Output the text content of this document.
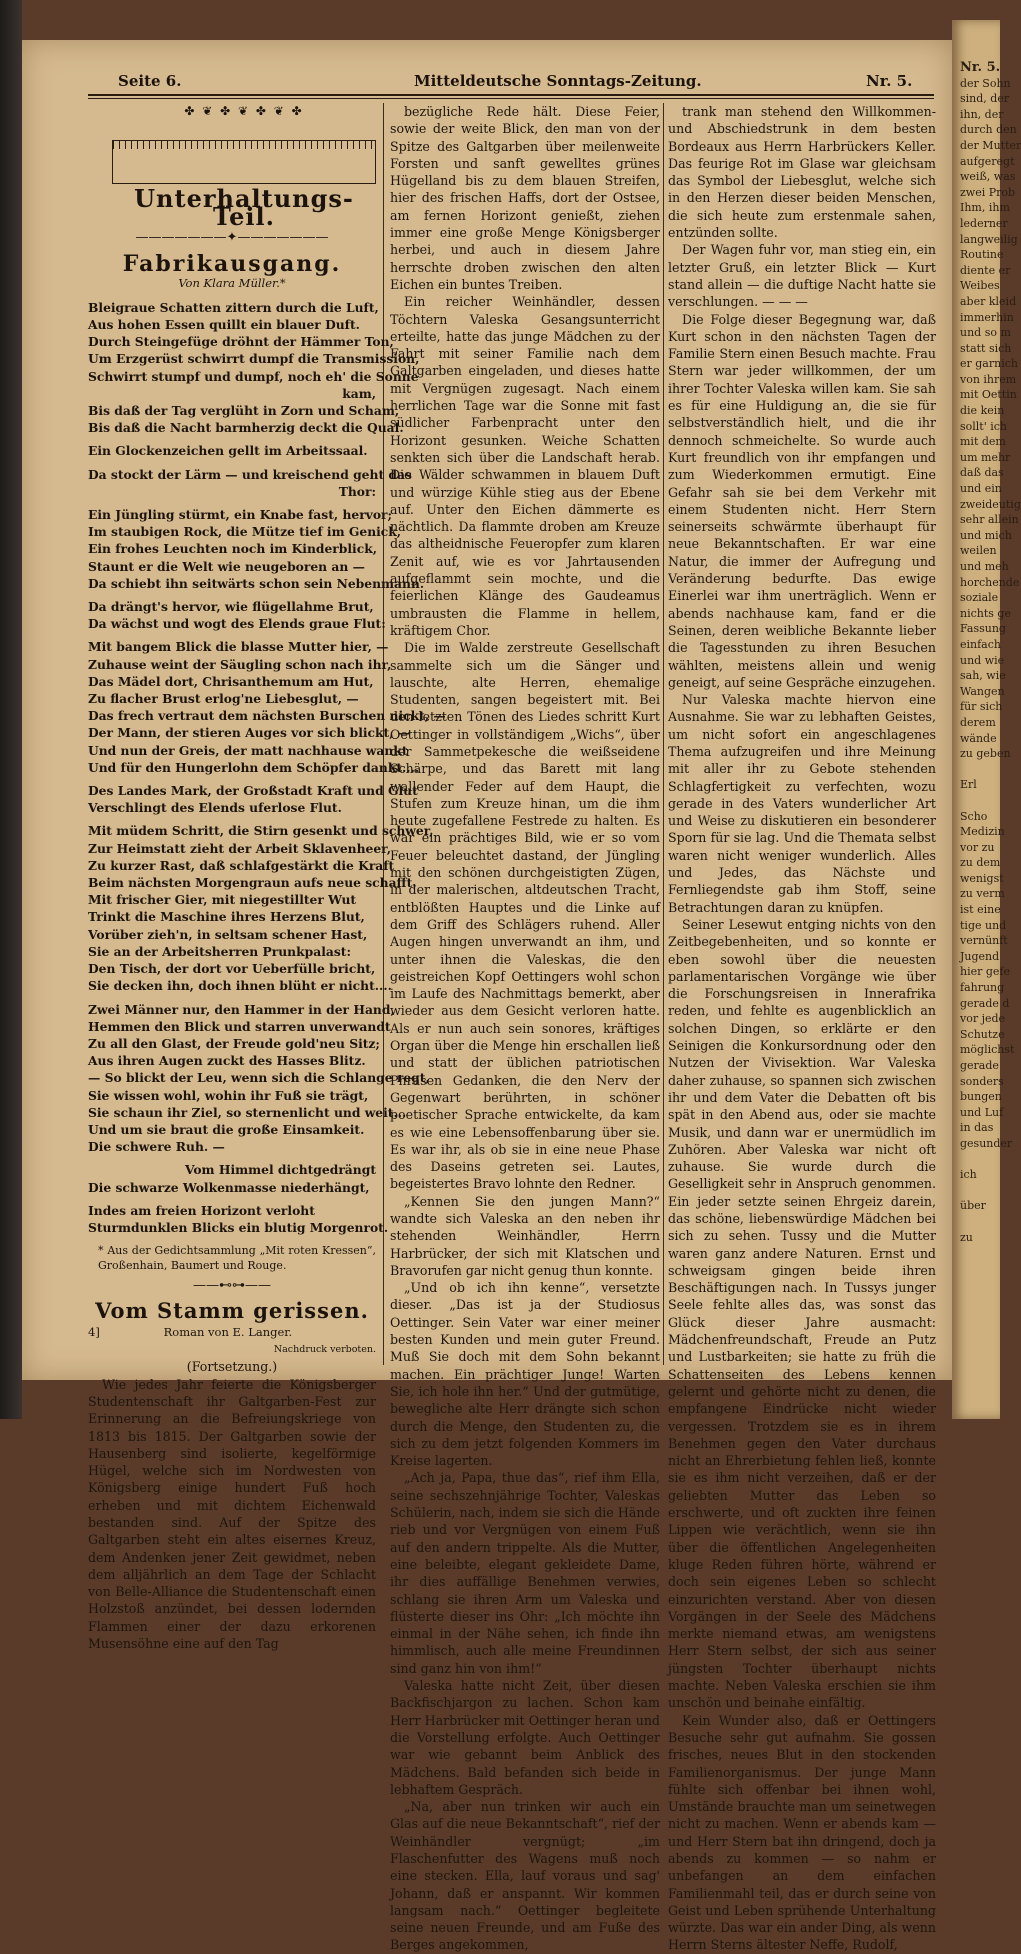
Seite 6.	Mitteldeutsche Sonntags-Zeitung.	Nr. 5.
✤ ❦ ✤ ❦ ✤ ❦ ✤
Unterhaltungs-Teil.
———————✦———————
Fabrikausgang.
Von Klara Müller.*
Bleigraue Schatten zittern durch die Luft,
Aus hohen Essen quillt ein blauer Duft.
Durch Steingefüge dröhnt der Hämmer Ton,
Um Erzgerüst schwirrt dumpf die Transmission,
Schwirrt stumpf und dumpf, noch eh' die Sonne
kam,
Bis daß der Tag verglüht in Zorn und Scham,
Bis daß die Nacht barmherzig deckt die Qual.
Ein Glockenzeichen gellt im Arbeitssaal.
Da stockt der Lärm — und kreischend geht das
Thor:
Ein Jüngling stürmt, ein Knabe fast, hervor;
Im staubigen Rock, die Mütze tief im Genick,
Ein frohes Leuchten noch im Kinderblick,
Staunt er die Welt wie neugeboren an —
Da schiebt ihn seitwärts schon sein Nebenmann.
Da drängt's hervor, wie flügellahme Brut,
Da wächst und wogt des Elends graue Flut:
Mit bangem Blick die blasse Mutter hier, —
Zuhause weint der Säugling schon nach ihr,
Das Mädel dort, Chrisanthemum am Hut,
Zu flacher Brust erlog'ne Liebesglut, —
Das frech vertraut dem nächsten Burschen nickt, —
Der Mann, der stieren Auges vor sich blickt, —
Und nun der Greis, der matt nachhause wankt
Und für den Hungerlohn dem Schöpfer dankt....
Des Landes Mark, der Großstadt Kraft und Glut
Verschlingt des Elends uferlose Flut.
Mit müdem Schritt, die Stirn gesenkt und schwer,
Zur Heimstatt zieht der Arbeit Sklavenheer,
Zu kurzer Rast, daß schlafgestärkt die Kraft
Beim nächsten Morgengraun aufs neue schafft.
Mit frischer Gier, mit niegestillter Wut
Trinkt die Maschine ihres Herzens Blut,
Vorüber zieh'n, in seltsam schener Hast,
Sie an der Arbeitsherren Prunkpalast:
Den Tisch, der dort vor Ueberfülle bricht,
Sie decken ihn, doch ihnen blüht er nicht....
Zwei Männer nur, den Hammer in der Hand,
Hemmen den Blick und starren unverwandt
Zu all den Glast, der Freude gold'neu Sitz;
Aus ihren Augen zuckt des Hasses Blitz.
— So blickt der Leu, wenn sich die Schlange regt,
Sie wissen wohl, wohin ihr Fuß sie trägt,
Sie schaun ihr Ziel, so sternenlicht und weit...
Und um sie braut die große Einsamkeit.
Die schwere Ruh. —
Vom Himmel dichtgedrängt
Die schwarze Wolkenmasse niederhängt,
Indes am freien Horizont verloht
Sturmdunklen Blicks ein blutig Morgenrot.
* Aus der Gedichtsammlung „Mit roten Kressen“, Großenhain, Baumert und Rouge.
——⊷⊶——
Vom Stamm gerissen.
4]	Roman von E. Langer.
Nachdruck verboten.
(Fortsetzung.)

Wie jedes Jahr feierte die Königsberger Studentenschaft ihr Galtgarben-Fest zur Erinnerung an die Befreiungskriege von 1813 bis 1815. Der Galtgarben sowie der Hausenberg sind isolierte, kegelförmige Hügel, welche sich im Nordwesten von Königsberg einige hundert Fuß hoch erheben und mit dichtem Eichenwald bestanden sind. Auf der Spitze des Galtgarben steht ein altes eisernes Kreuz, dem Andenken jener Zeit gewidmet, neben dem alljährlich an dem Tage der Schlacht von Belle-Alliance die Studentenschaft einen Holzstoß anzündet, bei dessen lodernden Flammen einer der dazu erkorenen Musensöhne eine auf den Tag

bezügliche Rede hält. Diese Feier, sowie der weite Blick, den man von der Spitze des Galtgarben über meilenweite Forsten und sanft gewelltes grünes Hügelland bis zu dem blauen Streifen, hier des frischen Haffs, dort der Ostsee, am fernen Horizont genießt, ziehen immer eine große Menge Königsberger herbei, und auch in diesem Jahre herrschte droben zwischen den alten Eichen ein buntes Treiben.

Ein reicher Weinhändler, dessen Töchtern Valeska Gesangsunterricht erteilte, hatte das junge Mädchen zu der Fahrt mit seiner Familie nach dem Galtgarben eingeladen, und dieses hatte mit Vergnügen zugesagt. Nach einem herrlichen Tage war die Sonne mit fast südlicher Farbenpracht unter den Horizont gesunken. Weiche Schatten senkten sich über die Landschaft herab. Die Wälder schwammen in blauem Duft und würzige Kühle stieg aus der Ebene auf. Unter den Eichen dämmerte es nächtlich. Da flammte droben am Kreuze das altheidnische Feueropfer zum klaren Zenit auf, wie es vor Jahrtausenden aufgeflammt sein mochte, und die feierlichen Klänge des Gaudeamus umbrausten die Flamme in hellem, kräftigem Chor.

Die im Walde zerstreute Gesellschaft sammelte sich um die Sänger und lauschte, alte Herren, ehemalige Studenten, sangen begeistert mit. Bei den letzten Tönen des Liedes schritt Kurt Oettinger in vollständigem „Wichs“, über der Sammetpekesche die weißseidene Schärpe, und das Barett mit lang wallender Feder auf dem Haupt, die Stufen zum Kreuze hinan, um die ihm heute zugefallene Festrede zu halten. Es war ein prächtiges Bild, wie er so vom Feuer beleuchtet dastand, der Jüngling mit den schönen durchgeistigten Zügen, in der malerischen, altdeutschen Tracht, entblößten Hauptes und die Linke auf dem Griff des Schlägers ruhend. Aller Augen hingen unverwandt an ihm, und unter ihnen die Valeskas, die den geistreichen Kopf Oettingers wohl schon im Laufe des Nachmittags bemerkt, aber wieder aus dem Gesicht verloren hatte. Als er nun auch sein sonores, kräftiges Organ über die Menge hin erschallen ließ und statt der üblichen patriotischen Phrasen Gedanken, die den Nerv der Gegenwart berührten, in schöner poetischer Sprache entwickelte, da kam es wie eine Lebensoffenbarung über sie. Es war ihr, als ob sie in eine neue Phase des Daseins getreten sei. Lautes, begeistertes Bravo lohnte den Redner.

„Kennen Sie den jungen Mann?“ wandte sich Valeska an den neben ihr stehenden Weinhändler, Herrn Harbrücker, der sich mit Klatschen und Bravorufen gar nicht genug thun konnte.

„Und ob ich ihn kenne“, versetzte dieser. „Das ist ja der Studiosus Oettinger. Sein Vater war einer meiner besten Kunden und mein guter Freund. Muß Sie doch mit dem Sohn bekannt machen. Ein prächtiger Junge! Warten Sie, ich hole ihn her.“ Und der gutmütige, bewegliche alte Herr drängte sich schon durch die Menge, den Studenten zu, die sich zu dem jetzt folgenden Kommers im Kreise lagerten.

„Ach ja, Papa, thue das“, rief ihm Ella, seine sechszehnjährige Tochter, Valeskas Schülerin, nach, indem sie sich die Hände rieb und vor Vergnügen von einem Fuß auf den andern trippelte. Als die Mutter, eine beleibte, elegant gekleidete Dame, ihr dies auffällige Benehmen verwies, schlang sie ihren Arm um Valeska und flüsterte dieser ins Ohr: „Ich möchte ihn einmal in der Nähe sehen, ich finde ihn himmlisch, auch alle meine Freundinnen sind ganz hin von ihm!“

Valeska hatte nicht Zeit, über diesen Backfischjargon zu lachen. Schon kam Herr Harbrücker mit Oettinger heran und die Vorstellung erfolgte. Auch Oettinger war wie gebannt beim Anblick des Mädchens. Bald befanden sich beide in lebhaftem Gespräch.

„Na, aber nun trinken wir auch ein Glas auf die neue Bekanntschaft“, rief der Weinhändler vergnügt; „im Flaschenfutter des Wagens muß noch eine stecken. Ella, lauf voraus und sag' Johann, daß er anspannt. Wir kommen langsam nach.“ Oettinger begleitete seine neuen Freunde, und am Fuße des Berges angekommen,

trank man stehend den Willkommen- und Abschiedstrunk in dem besten Bordeaux aus Herrn Harbrückers Keller. Das feurige Rot im Glase war gleichsam das Symbol der Liebesglut, welche sich in den Herzen dieser beiden Menschen, die sich heute zum erstenmale sahen, entzünden sollte.

Der Wagen fuhr vor, man stieg ein, ein letzter Gruß, ein letzter Blick — Kurt stand allein — die duftige Nacht hatte sie verschlungen. — — —

Die Folge dieser Begegnung war, daß Kurt schon in den nächsten Tagen der Familie Stern einen Besuch machte. Frau Stern war jeder willkommen, der um ihrer Tochter Valeska willen kam. Sie sah es für eine Huldigung an, die sie für selbstverständlich hielt, und die ihr dennoch schmeichelte. So wurde auch Kurt freundlich von ihr empfangen und zum Wiederkommen ermutigt. Eine Gefahr sah sie bei dem Verkehr mit einem Studenten nicht. Herr Stern seinerseits schwärmte überhaupt für neue Bekanntschaften. Er war eine Natur, die immer der Aufregung und Veränderung bedurfte. Das ewige Einerlei war ihm unerträglich. Wenn er abends nachhause kam, fand er die Seinen, deren weibliche Bekannte lieber die Tagesstunden zu ihren Besuchen wählten, meistens allein und wenig geneigt, auf seine Gespräche einzugehen.

Nur Valeska machte hiervon eine Ausnahme. Sie war zu lebhaften Geistes, um nicht sofort ein angeschlagenes Thema aufzugreifen und ihre Meinung mit aller ihr zu Gebote stehenden Schlagfertigkeit zu verfechten, wozu gerade in des Vaters wunderlicher Art und Weise zu diskutieren ein besonderer Sporn für sie lag. Und die Themata selbst waren nicht weniger wunderlich. Alles und Jedes, das Nächste und Fernliegendste gab ihm Stoff, seine Betrachtungen daran zu knüpfen.

Seiner Lesewut entging nichts von den Zeitbegebenheiten, und so konnte er eben sowohl über die neuesten parlamentarischen Vorgänge wie über die Forschungsreisen in Innerafrika reden, und fehlte es augenblicklich an solchen Dingen, so erklärte er den Seinigen die Konkursordnung oder den Nutzen der Vivisektion. War Valeska daher zuhause, so spannen sich zwischen ihr und dem Vater die Debatten oft bis spät in den Abend aus, oder sie machte Musik, und dann war er unermüdlich im Zuhören. Aber Valeska war nicht oft zuhause. Sie wurde durch die Geselligkeit sehr in Anspruch genommen. Ein jeder setzte seinen Ehrgeiz darein, das schöne, liebenswürdige Mädchen bei sich zu sehen. Tussy und die Mutter waren ganz andere Naturen. Ernst und schweigsam gingen beide ihren Beschäftigungen nach. In Tussys junger Seele fehlte alles das, was sonst das Glück dieser Jahre ausmacht: Mädchenfreundschaft, Freude an Putz und Lustbarkeiten; sie hatte zu früh die Schattenseiten des Lebens kennen gelernt und gehörte nicht zu denen, die empfangene Eindrücke nicht wieder vergessen. Trotzdem sie es in ihrem Benehmen gegen den Vater durchaus nicht an Ehrerbietung fehlen ließ, konnte sie es ihm nicht verzeihen, daß er der geliebten Mutter das Leben so erschwerte, und oft zuckten ihre feinen Lippen wie verächtlich, wenn sie ihn über die öffentlichen Angelegenheiten kluge Reden führen hörte, während er doch sein eigenes Leben so schlecht einzurichten verstand. Aber von diesen Vorgängen in der Seele des Mädchens merkte niemand etwas, am wenigstens Herr Stern selbst, der sich aus seiner jüngsten Tochter überhaupt nichts machte. Neben Valeska erschien sie ihm unschön und beinahe einfältig.

Kein Wunder also, daß er Oettingers Besuche sehr gut aufnahm. Sie gossen frisches, neues Blut in den stockenden Familienorganismus. Der junge Mann fühlte sich offenbar bei ihnen wohl, Umstände brauchte man um seinetwegen nicht zu machen. Wenn er abends kam — und Herr Stern bat ihn dringend, doch ja abends zu kommen — so nahm er unbefangen an dem einfachen Familienmahl teil, das er durch seine von Geist und Leben sprühende Unterhaltung würzte. Das war ein ander Ding, als wenn Herrn Sterns ältester Neffe, Rudolf,

Nr. 5.
der Sohn
sind, der
ihn, der
durch den
der Mutter
aufgeregt
weiß, was
zwei Prob
Ihm, ihm
lederner
langweilig
Routine
diente er
Weibes
aber kleid
immerhin
und so m
statt sich
er garnich
von ihrem
mit Oettin
die kein
sollt' ich
mit dem
um mehr
daß das
und ein
zweideutig
sehr allein
und mich
weilen
und meh
horchende
soziale
nichts ge
Fassung
einfach
und wie
sah, wie
Wangen
für sich
derem
wände
zu geben

Erl

Scho
Medizin
vor zu
zu dem
wenigst
zu verm
ist eine
tige und
vernünft
Jugend
hier gefe
fahrung
gerade d
vor jede
Schutze
möglichst
gerade
sonders
bungen
und Luf
in das
gesunder

ich

über

zu
